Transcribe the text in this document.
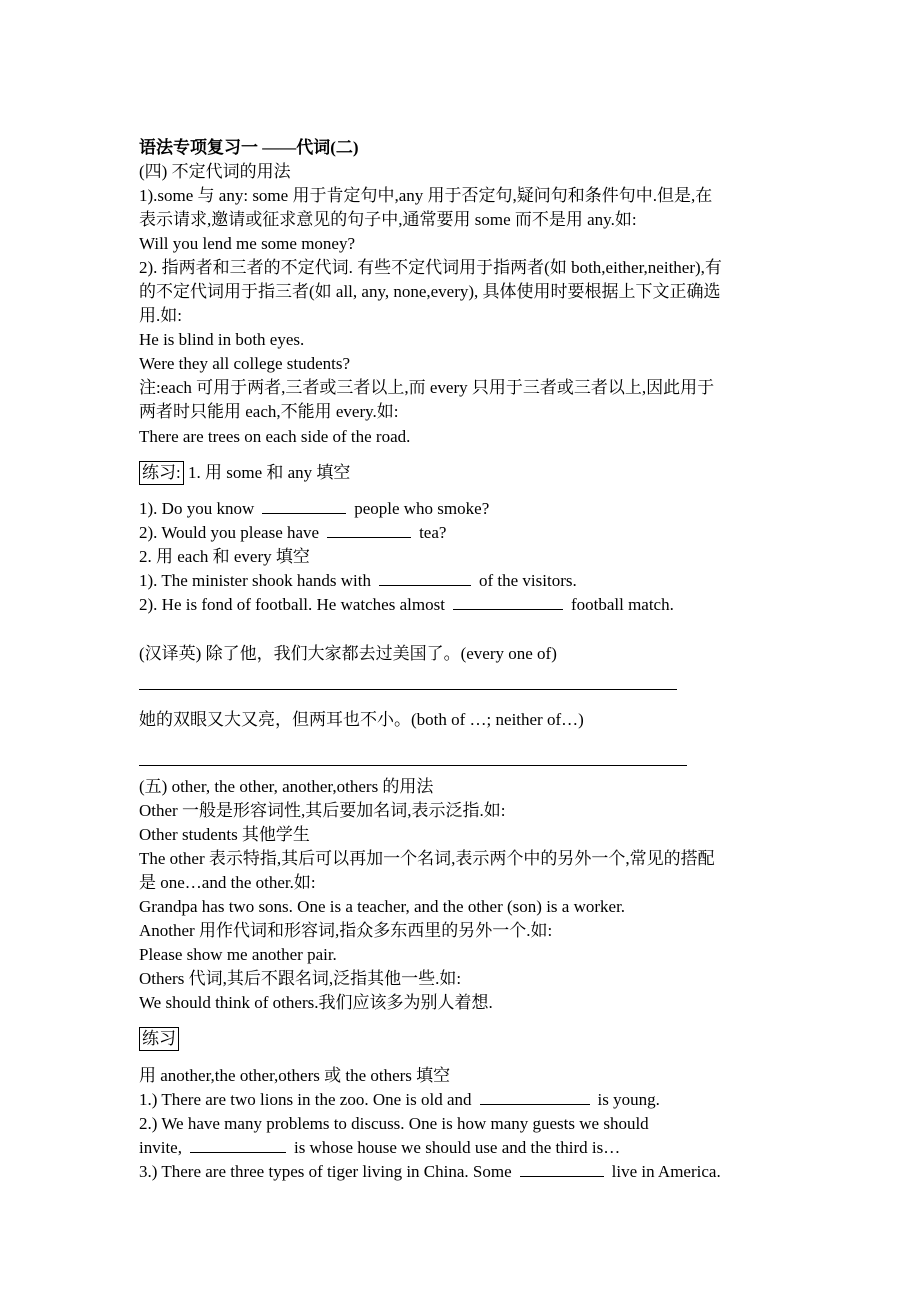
语法专项复习一 ——代词(二)
(四) 不定代词的用法
1).some 与 any: some 用于肯定句中,any 用于否定句,疑问句和条件句中.但是,在
表示请求,邀请或征求意见的句子中,通常要用 some 而不是用 any.如:
Will you lend me some money?
2). 指两者和三者的不定代词. 有些不定代词用于指两者(如 both,either,neither),有
的不定代词用于指三者(如 all, any, none,every), 具体使用时要根据上下文正确选
用.如:
He is blind in both eyes.
Were they all college students?
注:each 可用于两者,三者或三者以上,而 every 只用于三者或三者以上,因此用于
两者时只能用 each,不能用 every.如:
There are trees on each side of the road.
练习: 1. 用 some 和 any 填空
1). Do you know	people who smoke?
2). Would you please have	tea?
2. 用 each 和 every 填空
1). The minister shook hands with	of the visitors.
2). He is fond of football. He watches almost	football match.
(汉译英) 除了他，我们大家都去过美国了。(every one of)
她的双眼又大又亮，但两耳也不小。(both of …; neither of…)
(五) other, the other, another,others 的用法
Other 一般是形容词性,其后要加名词,表示泛指.如:
Other students 其他学生
The other 表示特指,其后可以再加一个名词,表示两个中的另外一个,常见的搭配
是 one…and the other.如:
Grandpa has two sons. One is a teacher, and the other (son) is a worker.
Another 用作代词和形容词,指众多东西里的另外一个.如:
Please show me another pair.
Others 代词,其后不跟名词,泛指其他一些.如:
We should think of others.我们应该多为别人着想.
练习
用 another,the other,others 或 the others 填空
1.) There are two lions in the zoo. One is old and	is young.
2.) We have many problems to discuss. One is how many guests we should
invite,	is whose house we should use and the third is…
3.) There are three types of tiger living in China. Some	live in America.
